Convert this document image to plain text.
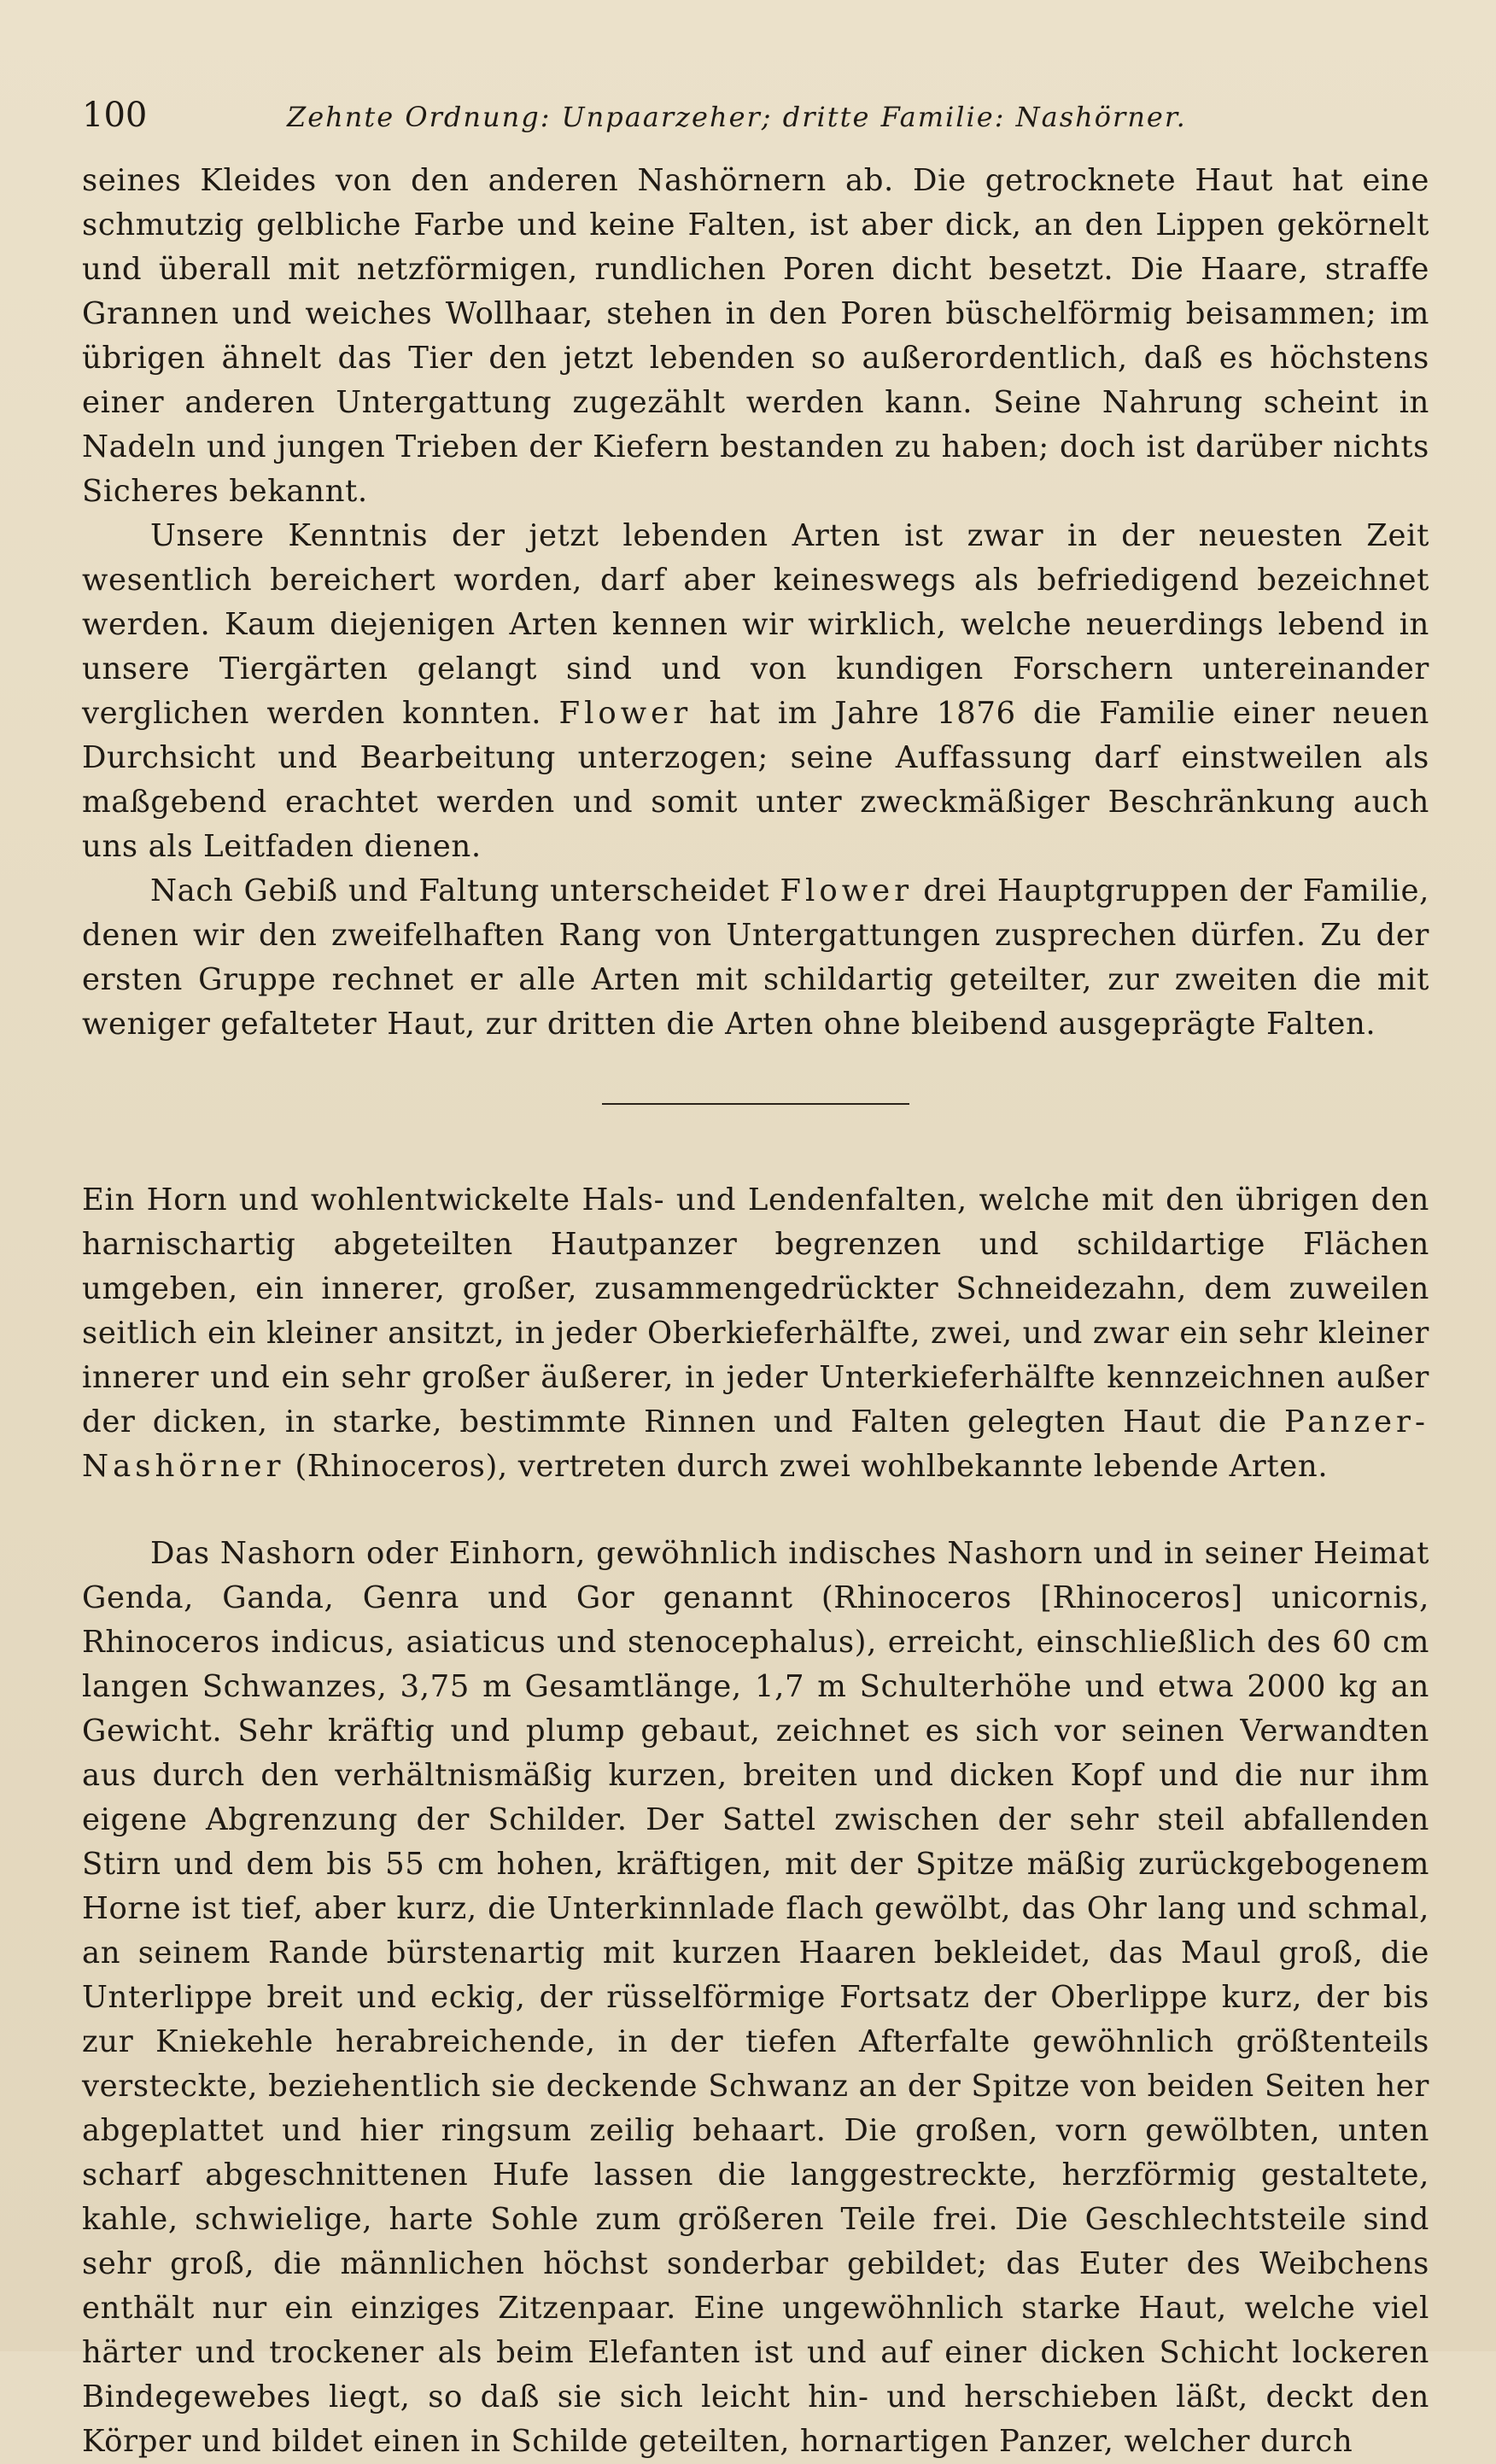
100	Zehnte Ordnung: Unpaarzeher; dritte Familie: Nashörner.

seines Kleides von den anderen Nashörnern ab. Die getrocknete Haut hat eine schmutzig gelbliche Farbe und keine Falten, ist aber dick, an den Lippen gekörnelt und überall mit netzförmigen, rundlichen Poren dicht besetzt. Die Haare, straffe Grannen und weiches Wollhaar, stehen in den Poren büschelförmig beisammen; im übrigen ähnelt das Tier den jetzt lebenden so außerordentlich, daß es höchstens einer anderen Untergattung zugezählt werden kann. Seine Nahrung scheint in Nadeln und jungen Trieben der Kiefern bestanden zu haben; doch ist darüber nichts Sicheres bekannt.

Unsere Kenntnis der jetzt lebenden Arten ist zwar in der neuesten Zeit wesentlich bereichert worden, darf aber keineswegs als befriedigend bezeichnet werden. Kaum diejenigen Arten kennen wir wirklich, welche neuerdings lebend in unsere Tiergärten gelangt sind und von kundigen Forschern untereinander verglichen werden konnten. Flower hat im Jahre 1876 die Familie einer neuen Durchsicht und Bearbeitung unterzogen; seine Auffassung darf einstweilen als maßgebend erachtet werden und somit unter zweckmäßiger Beschränkung auch uns als Leitfaden dienen.

Nach Gebiß und Faltung unterscheidet Flower drei Hauptgruppen der Familie, denen wir den zweifelhaften Rang von Untergattungen zusprechen dürfen. Zu der ersten Gruppe rechnet er alle Arten mit schildartig geteilter, zur zweiten die mit weniger gefalteter Haut, zur dritten die Arten ohne bleibend ausgeprägte Falten.

Ein Horn und wohlentwickelte Hals- und Lendenfalten, welche mit den übrigen den harnischartig abgeteilten Hautpanzer begrenzen und schildartige Flächen umgeben, ein innerer, großer, zusammengedrückter Schneidezahn, dem zuweilen seitlich ein kleiner ansitzt, in jeder Oberkieferhälfte, zwei, und zwar ein sehr kleiner innerer und ein sehr großer äußerer, in jeder Unterkieferhälfte kennzeichnen außer der dicken, in starke, bestimmte Rinnen und Falten gelegten Haut die Panzer-Nashörner (Rhinoceros), vertreten durch zwei wohlbekannte lebende Arten.

Das Nashorn oder Einhorn, gewöhnlich indisches Nashorn und in seiner Heimat Genda, Ganda, Genra und Gor genannt (Rhinoceros [Rhinoceros] unicornis, Rhinoceros indicus, asiaticus und stenocephalus), erreicht, einschließlich des 60 cm langen Schwanzes, 3,75 m Gesamtlänge, 1,7 m Schulterhöhe und etwa 2000 kg an Gewicht. Sehr kräftig und plump gebaut, zeichnet es sich vor seinen Verwandten aus durch den verhältnismäßig kurzen, breiten und dicken Kopf und die nur ihm eigene Abgrenzung der Schilder. Der Sattel zwischen der sehr steil abfallenden Stirn und dem bis 55 cm hohen, kräftigen, mit der Spitze mäßig zurückgebogenem Horne ist tief, aber kurz, die Unterkinnlade flach gewölbt, das Ohr lang und schmal, an seinem Rande bürstenartig mit kurzen Haaren bekleidet, das Maul groß, die Unterlippe breit und eckig, der rüsselförmige Fortsatz der Oberlippe kurz, der bis zur Kniekehle herabreichende, in der tiefen Afterfalte gewöhnlich größtenteils versteckte, beziehentlich sie deckende Schwanz an der Spitze von beiden Seiten her abgeplattet und hier ringsum zeilig behaart. Die großen, vorn gewölbten, unten scharf abgeschnittenen Hufe lassen die langgestreckte, herzförmig gestaltete, kahle, schwielige, harte Sohle zum größeren Teile frei. Die Geschlechtsteile sind sehr groß, die männlichen höchst sonderbar gebildet; das Euter des Weibchens enthält nur ein einziges Zitzenpaar. Eine ungewöhnlich starke Haut, welche viel härter und trockener als beim Elefanten ist und auf einer dicken Schicht lockeren Bindegewebes liegt, so daß sie sich leicht hin- und herschieben läßt, deckt den Körper und bildet einen in Schilde geteilten, hornartigen Panzer, welcher durch
